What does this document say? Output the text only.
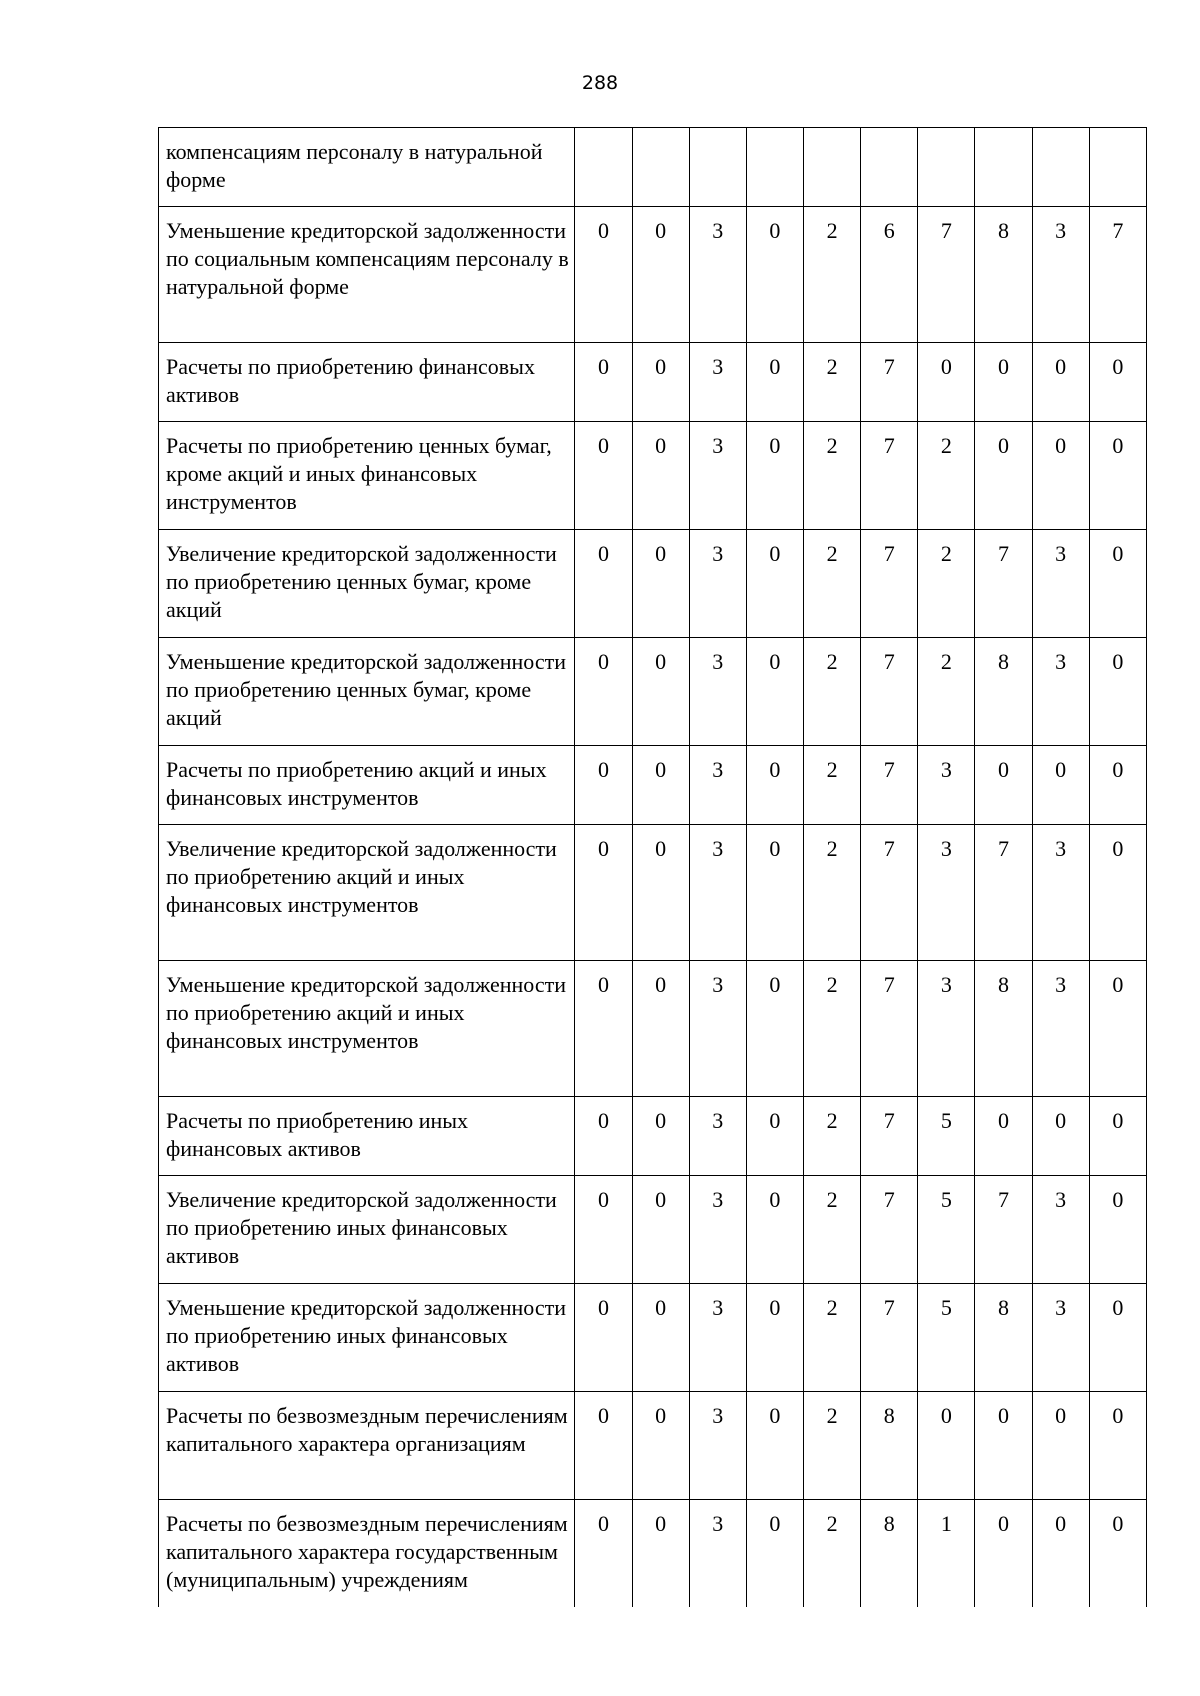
288
компенсациям персоналу в натуральной форме										
Уменьшение кредиторской задолженности по социальным компенсациям персоналу в натуральной форме	0	0	3	0	2	6	7	8	3	7
Расчеты по приобретению финансовых активов	0	0	3	0	2	7	0	0	0	0
Расчеты по приобретению ценных бумаг, кроме акций и иных финансовых инструментов	0	0	3	0	2	7	2	0	0	0
Увеличение кредиторской задолженности по приобретению ценных бумаг, кроме акций	0	0	3	0	2	7	2	7	3	0
Уменьшение кредиторской задолженности по приобретению ценных бумаг, кроме акций	0	0	3	0	2	7	2	8	3	0
Расчеты по приобретению акций и иных финансовых инструментов	0	0	3	0	2	7	3	0	0	0
Увеличение кредиторской задолженности по приобретению акций и иных финансовых инструментов	0	0	3	0	2	7	3	7	3	0
Уменьшение кредиторской задолженности по приобретению акций и иных финансовых инструментов	0	0	3	0	2	7	3	8	3	0
Расчеты по приобретению иных финансовых активов	0	0	3	0	2	7	5	0	0	0
Увеличение кредиторской задолженности по приобретению иных финансовых активов	0	0	3	0	2	7	5	7	3	0
Уменьшение кредиторской задолженности по приобретению иных финансовых активов	0	0	3	0	2	7	5	8	3	0
Расчеты по безвозмездным перечислениям капитального характера организациям	0	0	3	0	2	8	0	0	0	0
Расчеты по безвозмездным перечислениям капитального характера государственным (муниципальным) учреждениям	0	0	3	0	2	8	1	0	0	0
